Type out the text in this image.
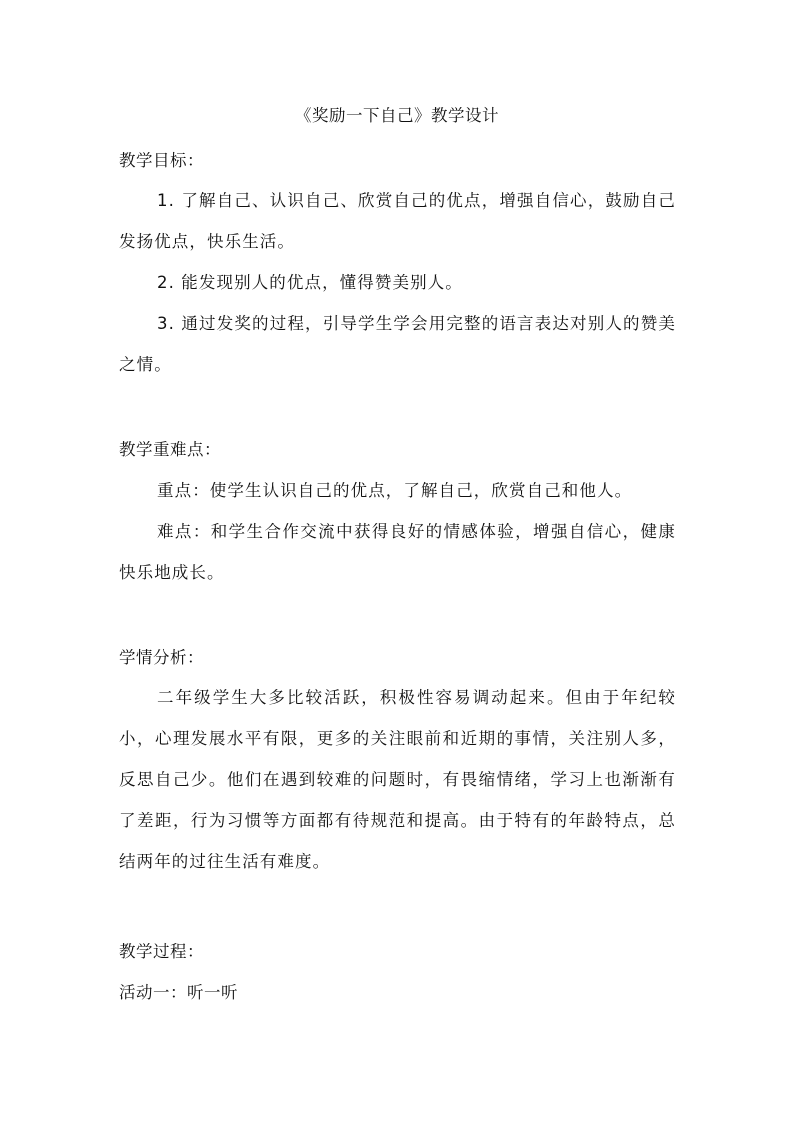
《奖励一下自己》教学设计
教学目标：

1. 了解自己、认识自己、欣赏自己的优点，增强自信心，鼓励自己发扬优点，快乐生活。

2. 能发现别人的优点，懂得赞美别人。

3. 通过发奖的过程，引导学生学会用完整的语言表达对别人的赞美之情。

教学重难点：

重点：使学生认识自己的优点，了解自己，欣赏自己和他人。

难点：和学生合作交流中获得良好的情感体验，增强自信心，健康快乐地成长。

学情分析：

二年级学生大多比较活跃，积极性容易调动起来。但由于年纪较小，心理发展水平有限，更多的关注眼前和近期的事情，关注别人多，反思自己少。他们在遇到较难的问题时，有畏缩情绪，学习上也渐渐有了差距，行为习惯等方面都有待规范和提高。由于特有的年龄特点，总结两年的过往生活有难度。

教学过程：
活动一：听一听
